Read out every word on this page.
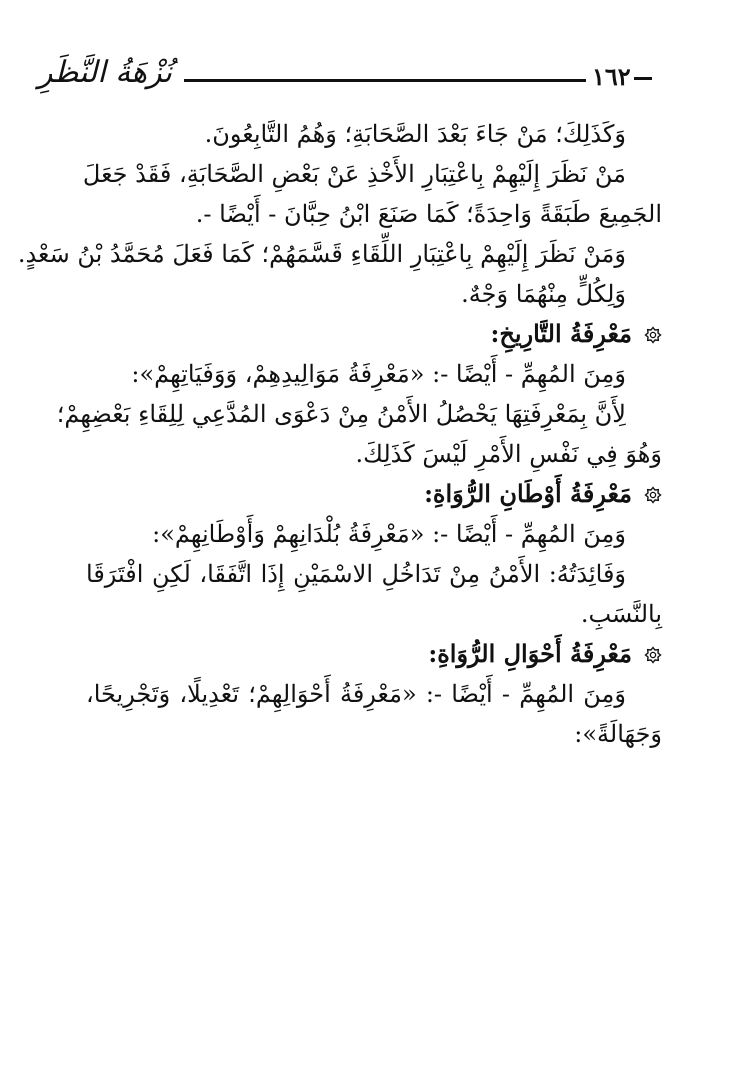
نُزْهَةُ النَّظَرِ	١٦٢
وَكَذَلِكَ؛ مَنْ جَاءَ بَعْدَ الصَّحَابَةِ؛ وَهُمُ التَّابِعُونَ.
مَنْ نَظَرَ إِلَيْهِمْ بِاعْتِبَارِ الأَخْذِ عَنْ بَعْضِ الصَّحَابَةِ، فَقَدْ جَعَلَ
الجَمِيعَ طَبَقَةً وَاحِدَةً؛ كَمَا صَنَعَ ابْنُ حِبَّانَ - أَيْضًا -.
وَمَنْ نَظَرَ إِلَيْهِمْ بِاعْتِبَارِ اللِّقَاءِ قَسَّمَهُمْ؛ كَمَا فَعَلَ مُحَمَّدُ بْنُ سَعْدٍ.
وَلِكُلٍّ مِنْهُمَا وَجْهٌ.
مَعْرِفَةُ التَّارِيخِ:
وَمِنَ المُهِمِّ - أَيْضًا -: «مَعْرِفَةُ مَوَالِيدِهِمْ، وَوَفَيَاتِهِمْ»:
لِأَنَّ بِمَعْرِفَتِهَا يَحْصُلُ الأَمْنُ مِنْ دَعْوَى المُدَّعِي لِلِقَاءِ بَعْضِهِمْ؛
وَهُوَ فِي نَفْسِ الأَمْرِ لَيْسَ كَذَلِكَ.
مَعْرِفَةُ أَوْطَانِ الرُّوَاةِ:
وَمِنَ المُهِمِّ - أَيْضًا -: «مَعْرِفَةُ بُلْدَانِهِمْ وَأَوْطَانِهِمْ»:
وَفَائِدَتُهُ: الأَمْنُ مِنْ تَدَاخُلِ الاسْمَيْنِ إِذَا اتَّفَقَا، لَكِنِ افْتَرَقَا
بِالنَّسَبِ.
مَعْرِفَةُ أَحْوَالِ الرُّوَاةِ:
وَمِنَ المُهِمِّ - أَيْضًا -: «مَعْرِفَةُ أَحْوَالِهِمْ؛ تَعْدِيلًا، وَتَجْرِيحًا،
وَجَهَالَةً»:
